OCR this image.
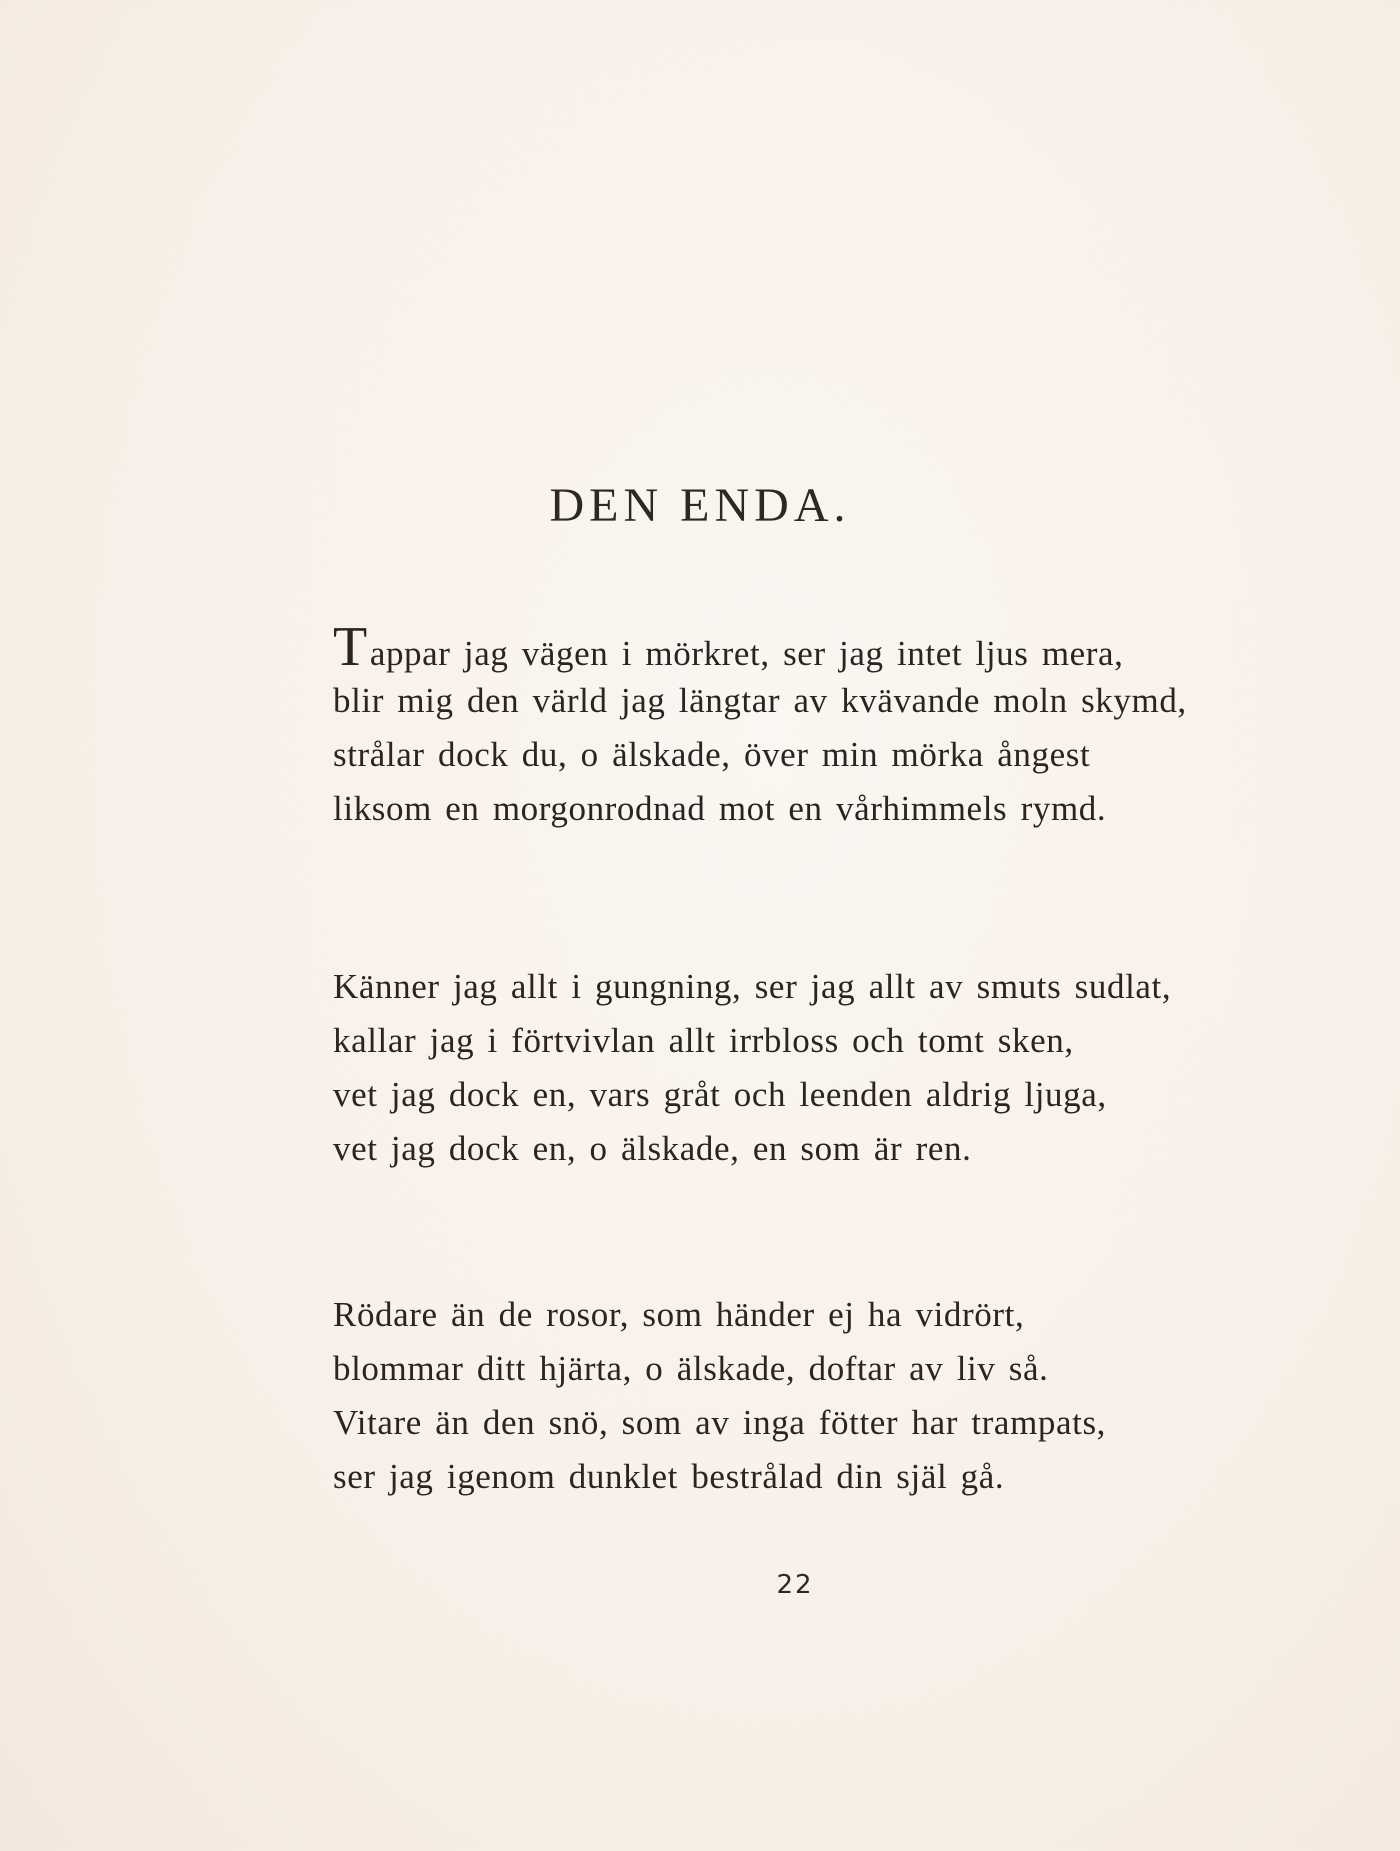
DEN ENDA.
Tappar jag vägen i mörkret, ser jag intet ljus mera,
blir mig den värld jag längtar av kvävande moln skymd,
strålar dock du, o älskade, över min mörka ångest
liksom en morgonrodnad mot en vårhimmels rymd.
Känner jag allt i gungning, ser jag allt av smuts sudlat,
kallar jag i förtvivlan allt irrbloss och tomt sken,
vet jag dock en, vars gråt och leenden aldrig ljuga,
vet jag dock en, o älskade, en som är ren.
Rödare än de rosor, som händer ej ha vidrört,
blommar ditt hjärta, o älskade, doftar av liv så.
Vitare än den snö, som av inga fötter har trampats,
ser jag igenom dunklet bestrålad din själ gå.
22
